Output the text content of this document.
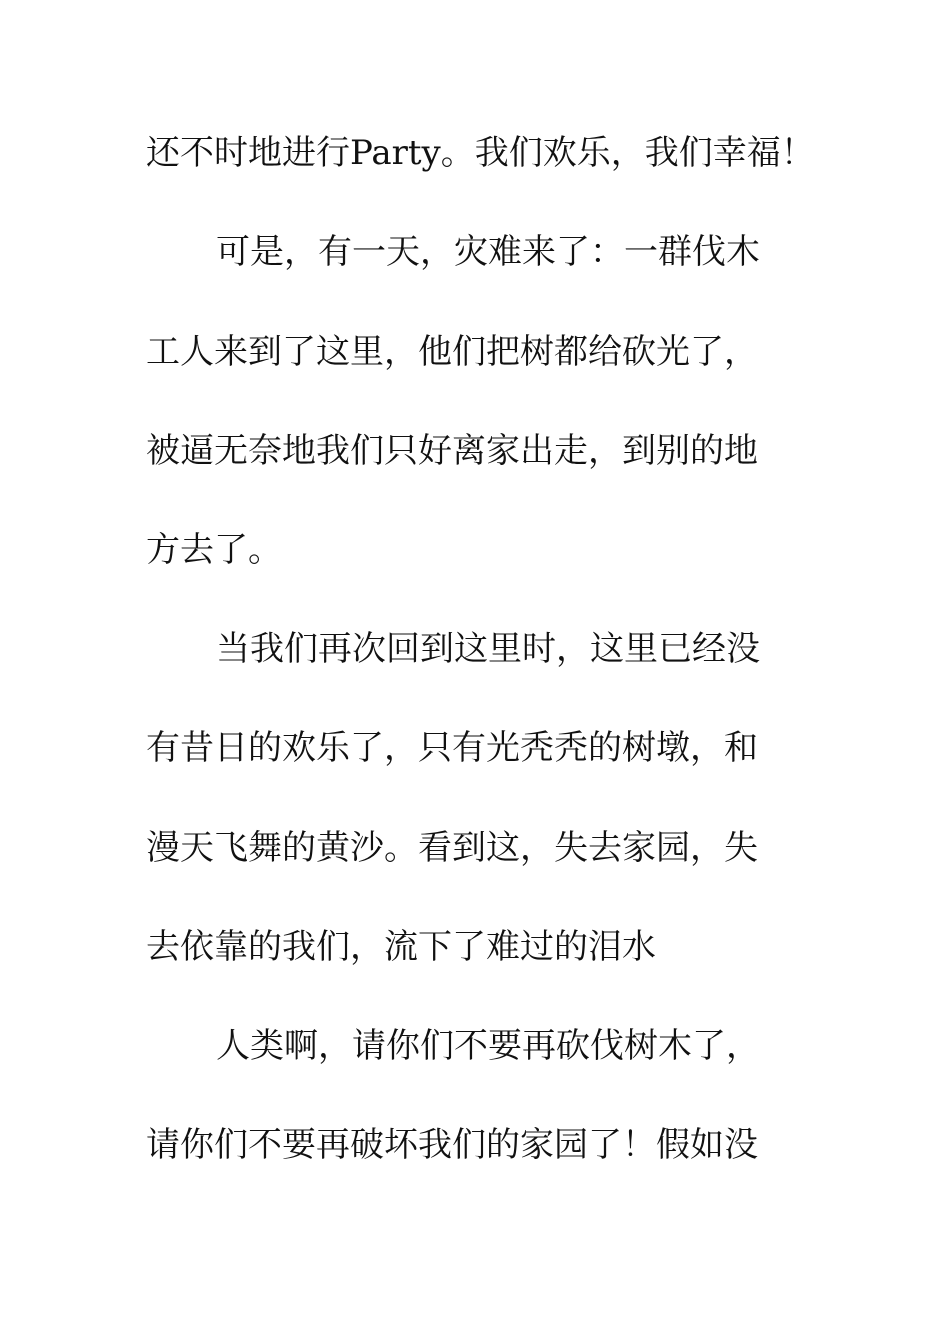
还不时地进行Party。我们欢乐，我们幸福！
可是，有一天，灾难来了：一群伐木
工人来到了这里，他们把树都给砍光了，
被逼无奈地我们只好离家出走，到别的地
方去了。
当我们再次回到这里时，这里已经没
有昔日的欢乐了，只有光秃秃的树墩，和
漫天飞舞的黄沙。看到这，失去家园，失
去依靠的我们，流下了难过的泪水
人类啊，请你们不要再砍伐树木了，
请你们不要再破坏我们的家园了！假如没
